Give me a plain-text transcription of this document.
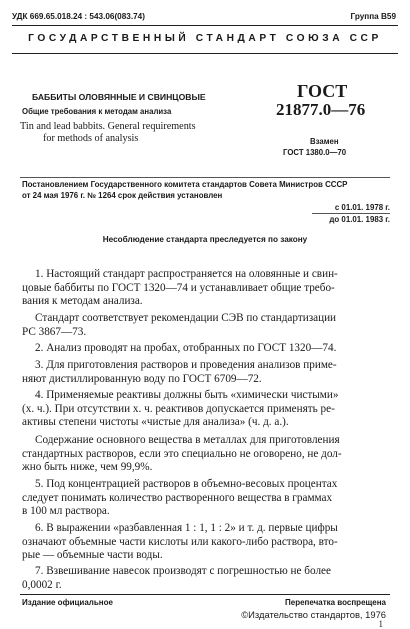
УДК 669.65.018.24 : 543.06(083.74)	Группа В59
ГОСУДАРСТВЕННЫЙ СТАНДАРТ СОЮЗА ССР
БАББИТЫ ОЛОВЯННЫЕ И СВИНЦОВЫЕ
Общие требования к методам анализа
Tin and lead babbits. General requirements
for methods of analysis
ГОСТ
21877.0—76
Взамен
ГОСТ 1380.0—70
Постановлением Государственного комитета стандартов Совета Министров СССР
от 24 мая 1976 г. № 1264 срок действия установлен
с 01.01. 1978 г.
до 01.01. 1983 г.
Несоблюдение стандарта преследуется по закону
1. Настоящий стандарт распространяется на оловянные и свин-
цовые баббиты по ГОСТ 1320—74 и устанавливает общие требо-
вания к методам анализа.
Стандарт соответствует рекомендации СЭВ по стандартизации
РС 3867—73.
2. Анализ проводят на пробах, отобранных по ГОСТ 1320—74.
3. Для приготовления растворов и проведения анализов приме-
няют дистиллированную воду по ГОСТ 6709—72.
4. Применяемые реактивы должны быть «химически чистыми»
(х. ч.). При отсутствии х. ч. реактивов допускается применять ре-
активы степени чистоты «чистые для анализа» (ч. д. а.).
Содержание основного вещества в металлах для приготовления
стандартных растворов, если это специально не оговорено, не дол-
жно быть ниже, чем 99,9%.
5. Под концентрацией растворов в объемно-весовых процентах
следует понимать количество растворенного вещества в граммах
в 100 мл раствора.
6. В выражении «разбавленная 1 : 1, 1 : 2» и т. д. первые цифры
означают объемные части кислоты или какого-либо раствора, вто-
рые — объемные части воды.
7. Взвешивание навесок производят с погрешностью не более
0,0002 г.
Издание официальное	Перепечатка воспрещена
©Издательство стандартов, 1976
1
